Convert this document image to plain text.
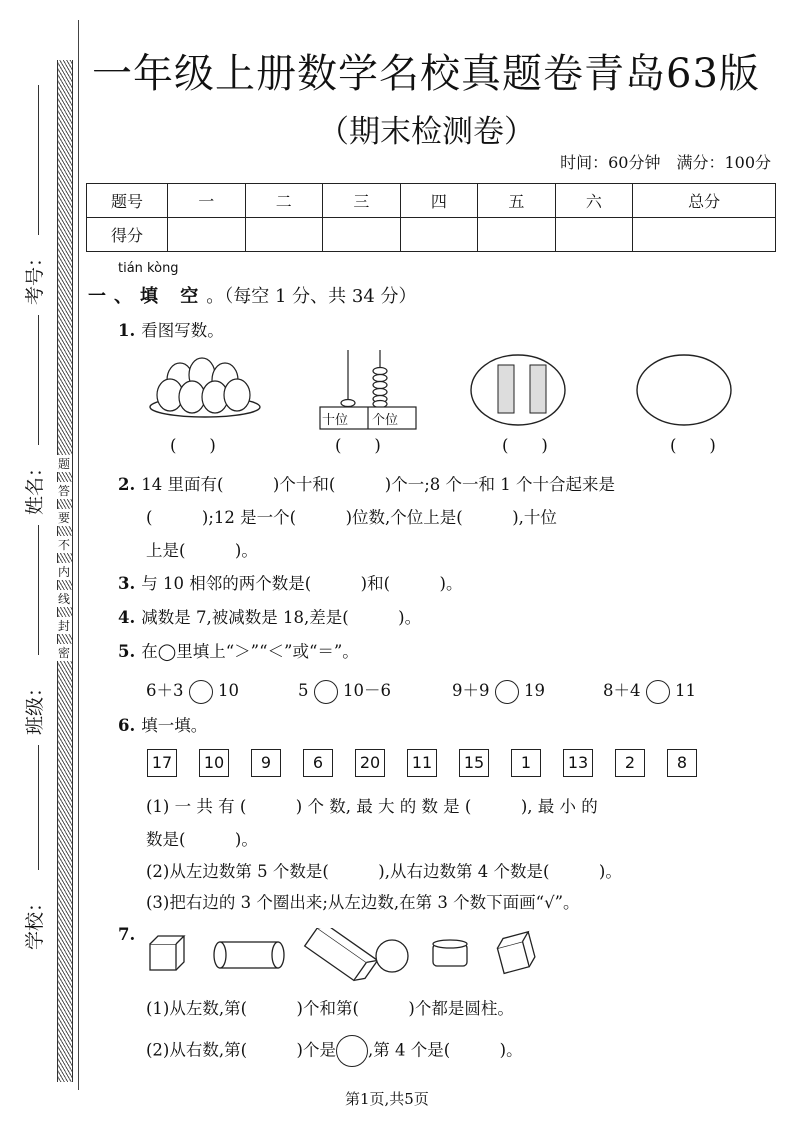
题
答
要
不
内
线
封
密
考号：
姓名：
班级：
学校：
一年级上册数学名校真题卷青岛63版
（期末检测卷）
时间：60分钟　满分：100分
题号	一	二	三	四	五	六	总分
得分							
tián kòng
一、填 空。（每空 1 分、共 34 分）
1. 看图写数。
十位 个位
(　　)	(　　)	(　　)	(　　)
2. 14 里面有(　　　)个十和(　　　)个一;8 个一和 1 个十合起来是
(　　　);12 是一个(　　　)位数,个位上是(　　　),十位
上是(　　　)。
3. 与 10 相邻的两个数是(　　　)和(　　　)。
4. 减数是 7,被减数是 18,差是(　　　)。
5. 在◯里填上“＞”“＜”或“＝”。
6＋3 10	5 10－6	9＋9 19	8＋4 11
6. 填一填。
17 10 9	6 20 11 15 1 13 2	8
(1) 一 共 有 (　　　) 个 数, 最 大 的 数 是 (　　　), 最 小 的
数是(　　　)。
(2)从左边数第 5 个数是(　　　),从右边数第 4 个数是(　　　)。
(3)把右边的 3 个圈出来;从左边数,在第 3 个数下面画“√”。
7.
(1)从左数,第(　　　)个和第(　　　)个都是圆柱。
(2)从右数,第(　　　)个是 ,第 4 个是(　　　)。
第1页,共5页
